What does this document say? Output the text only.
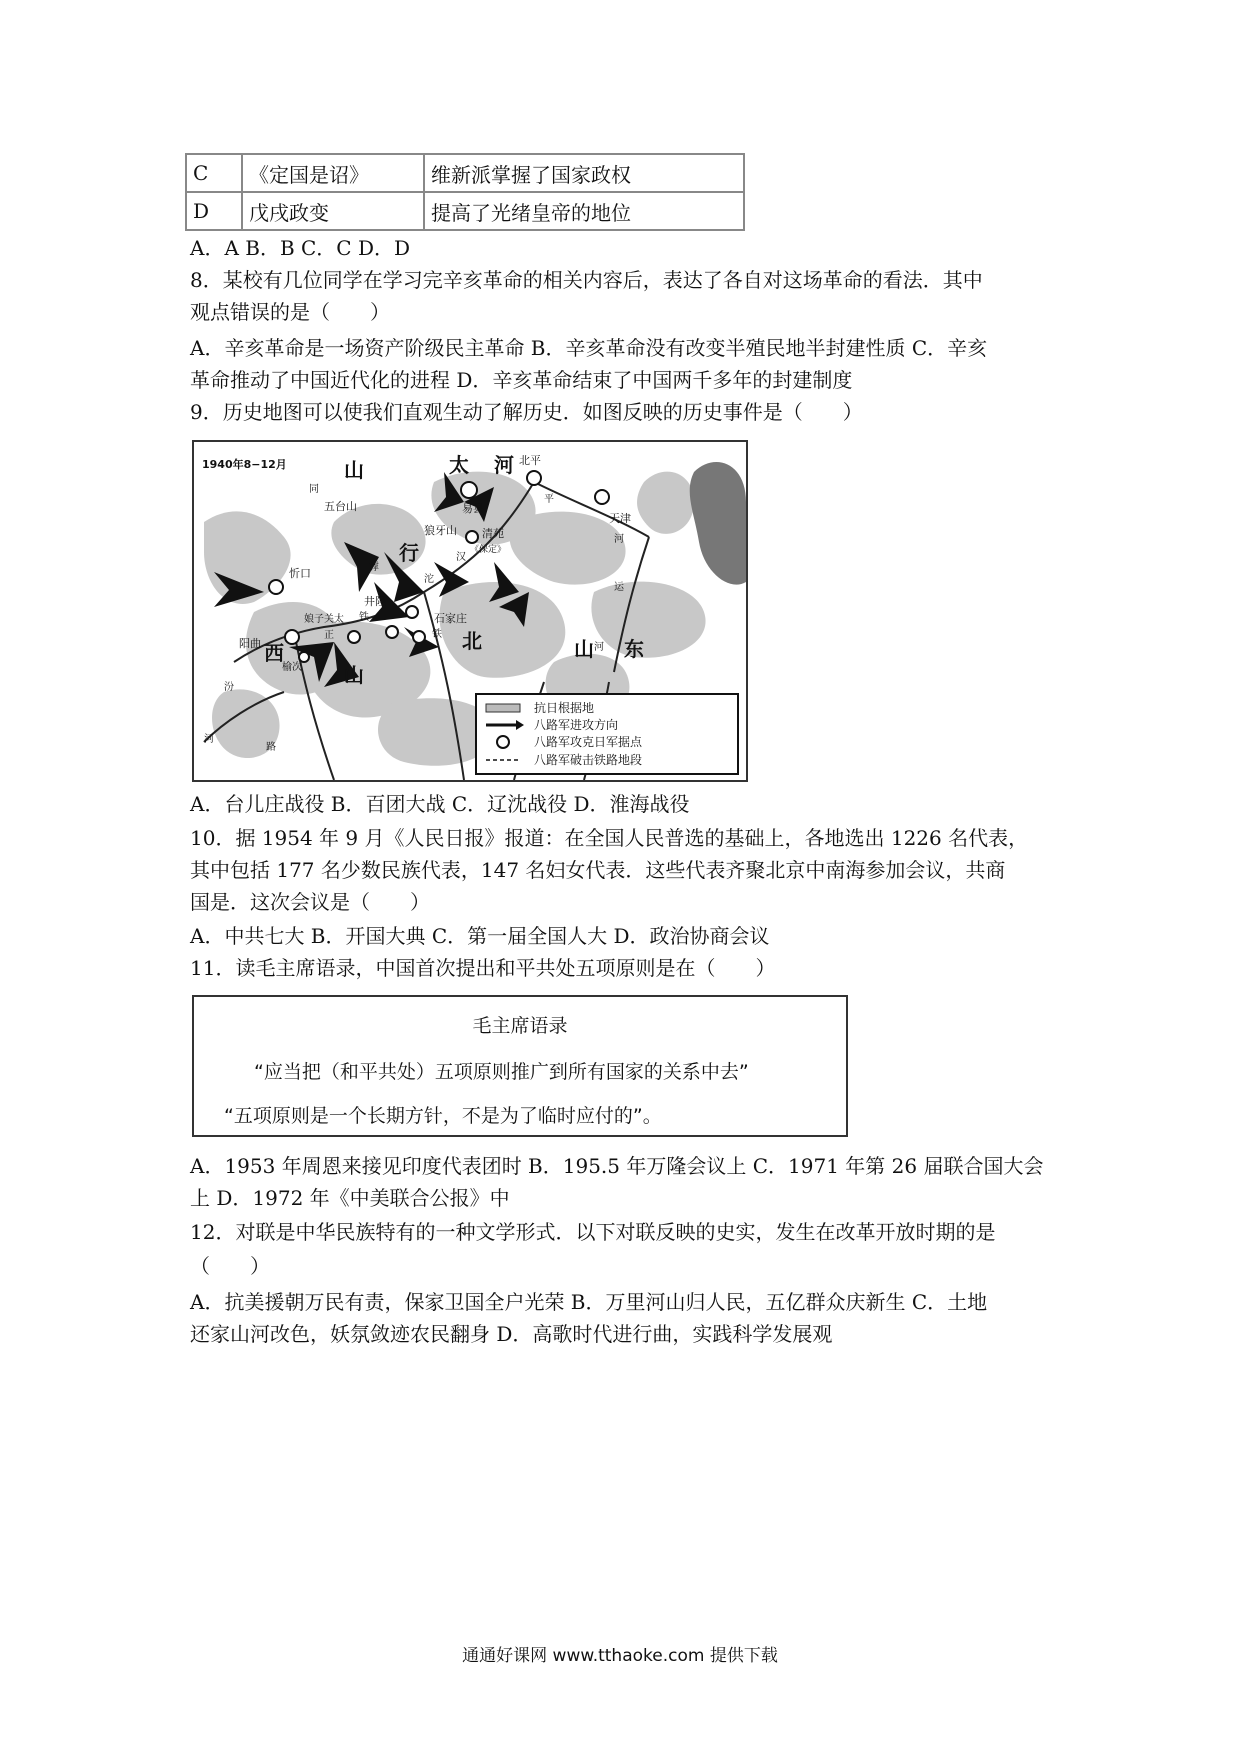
C	《定国是诏》	维新派掌握了国家政权
D	戊戌政变	提高了光绪皇帝的地位
A．A B．B C．C D．D
8．某校有几位同学在学习完辛亥革命的相关内容后，表达了各自对这场革命的看法．其中
观点错误的是（　　）
A．辛亥革命是一场资产阶级民主革命 B．辛亥革命没有改变半殖民地半封建性质 C．辛亥
革命推动了中国近代化的进程 D．辛亥革命结束了中国两千多年的封建制度
9．历史地图可以使我们直观生动了解历史．如图反映的历史事件是（　　）
抗日根据地
八路军进攻方向
八路军攻克日军据点
八路军破击铁路地段
1940年8−12月	山
西
山
太
行
河
北	山 东
北平
易县
狼牙山
五台山
忻口
清苑
《保定》
天津
石家庄
井陉
娘子关
阳曲
榆次
同
平
汉
沱
正
太 铁
铁
路
汾
河
运
河
河
滹
A．台儿庄战役 B．百团大战 C．辽沈战役 D．淮海战役
10．据 1954 年 9 月《人民日报》报道：在全国人民普选的基础上，各地选出 1226 名代表，
其中包括 177 名少数民族代表，147 名妇女代表．这些代表齐聚北京中南海参加会议，共商
国是．这次会议是（　　）
A．中共七大 B．开国大典 C．第一届全国人大 D．政治协商会议
11．读毛主席语录，中国首次提出和平共处五项原则是在（　　）
毛主席语录
“应当把（和平共处）五项原则推广到所有国家的关系中去”
“五项原则是一个长期方针，不是为了临时应付的”。
A．1953 年周恩来接见印度代表团时 B．195.5 年万隆会议上 C．1971 年第 26 届联合国大会
上 D．1972 年《中美联合公报》中
12．对联是中华民族特有的一种文学形式．以下对联反映的史实，发生在改革开放时期的是
（　　）
A．抗美援朝万民有责，保家卫国全户光荣 B．万里河山归人民，五亿群众庆新生 C．土地
还家山河改色，妖氛敛迹农民翻身 D．高歌时代进行曲，实践科学发展观
通通好课网 www.tthaoke.com 提供下载
